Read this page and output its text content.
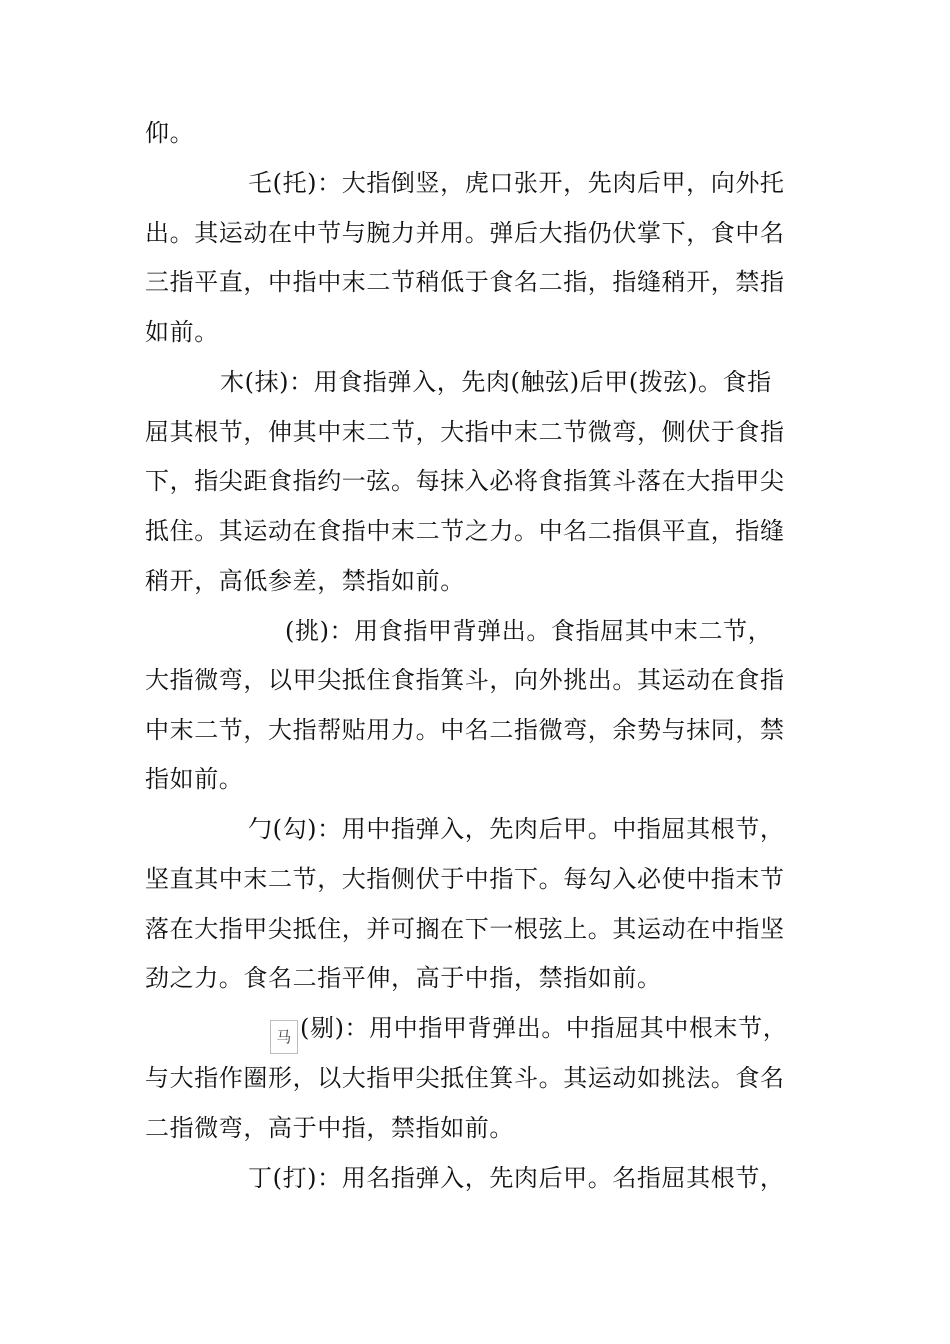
仰。
乇(托)：大指倒竖，虎口张开，先肉后甲，向外托
出。其运动在中节与腕力并用。弹后大指仍伏掌下，食中名
三指平直，中指中末二节稍低于食名二指，指缝稍开，禁指
如前。
木(抹)：用食指弹入，先肉(触弦)后甲(拨弦)。食指
屈其根节，伸其中末二节，大指中末二节微弯，侧伏于食指
下，指尖距食指约一弦。每抹入必将食指箕斗落在大指甲尖
抵住。其运动在食指中末二节之力。中名二指俱平直，指缝
稍开，高低参差，禁指如前。
(挑)：用食指甲背弹出。食指屈其中末二节，
大指微弯，以甲尖抵住食指箕斗，向外挑出。其运动在食指
中末二节，大指帮贴用力。中名二指微弯，余势与抹同，禁
指如前。
勹(勾)：用中指弹入，先肉后甲。中指屈其根节，
坚直其中末二节，大指侧伏于中指下。每勾入必使中指末节
落在大指甲尖抵住，并可搁在下一根弦上。其运动在中指坚
劲之力。食名二指平伸，高于中指，禁指如前。
马 (剔)：用中指甲背弹出。中指屈其中根末节，
与大指作圈形，以大指甲尖抵住箕斗。其运动如挑法。食名
二指微弯，高于中指，禁指如前。
丁(打)：用名指弹入，先肉后甲。名指屈其根节，
